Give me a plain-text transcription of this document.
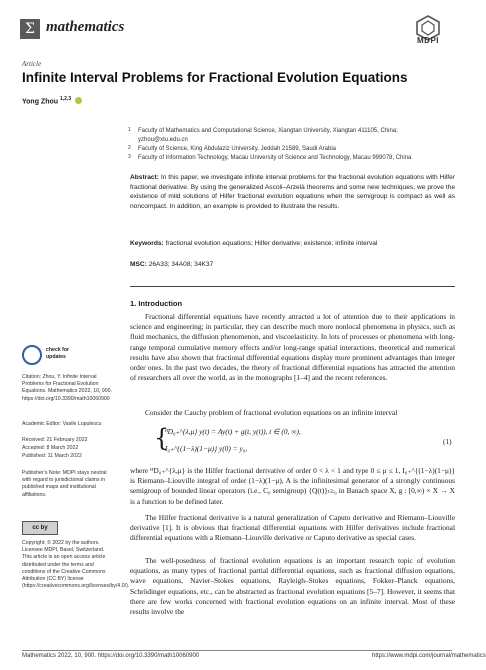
Σ mathematics
MDPI
Article
Infinite Interval Problems for Fractional Evolution Equations
Yong Zhou $^{1,2,3}$
1 Faculty of Mathematics and Computational Science, Xiangtan University, Xiangtan 411105, China;
yzhou@xtu.edu.cn
2 Faculty of Science, King Abdulaziz University, Jeddah 21589, Saudi Arabia
3 Faculty of Information Technology, Macau University of Science and Technology, Macau 999078, China
Abstract: In this paper, we investigate infinite interval problems for the fractional evolution equations with Hilfer fractional derivative. By using the generalized Ascoli–Arzelà theorems and some new techniques, we prove the existence of mild solutions of Hilfer fractional evolution equations when the semigroup is compact as well as noncompact. In addition, an example is provided to illustrate the results.
Keywords: fractional evolution equations; Hilfer derivative; existence; infinite interval
MSC: 26A33; 34A08; 34K37
1. Introduction
Fractional differential equations have recently attracted a lot of attention due to their applications in science and engineering; in particular, they can describe much more nonlocal phenomena in physics, such as fluid mechanics, the diffusion phenomenon, and viscoelasticity. In lots of processes or phenomena with long-range temporal cumulative memory effects and/or long-range spatial interactions, theoretical and numerical results have also shown that fractional differential equations display more prominent advantages than integer order ones. In the past two decades, the theory of fractional differential equations has attracted the attention of researchers all over the world, as in the monographs [1–4] and the recent references.
Consider the Cauchy problem of fractional evolution equations on an infinite interval
{
ᴴD₀₊^{λ,μ} y(t) = Ay(t) + g(t, y(t)), t ∈ (0, ∞),
I₀₊^{(1−λ)(1−μ)} y(0) = y₀,
(1)
where ᴴD₀₊^{λ,μ} is the Hilfer fractional derivative of order 0 < λ < 1 and type 0 ≤ μ ≤ 1, I₀₊^{(1−λ)(1−μ)} is Riemann–Liouville integral of order (1−λ)(1−μ), A is the infinitesimal generator of a strongly continuous semigroup of bounded linear operators (i.e., C₀ semigroup) {Q(t)}ₜ≥₀ in Banach space X, g : [0,∞) × X → X is a function to be defined later.
The Hilfer fractional derivative is a natural generalization of Caputo derivative and Riemann–Liouville derivative [1]. It is obvious that fractional differential equations with Hilfer derivatives include fractional differential equations with a Riemann–Liouville derivative or Caputo derivative as special cases.
The well-posedness of fractional evolution equations is an important research topic of evolution equations, as many types of fractional partial differential equations, such as fractional diffusion equations, wave equations, Navier–Stokes equations, Rayleigh–Stokes equations, Fokker–Planck equations, Schrödinger equations, etc., can be abstracted as fractional evolution equations [5–7]. However, it seems that there are few works concerned with fractional evolution equations on an infinite interval. Most of these results involve the
check for
updates
Citation: Zhou, Y. Infinite Interval Problems for Fractional Evolution Equations. Mathematics 2022, 10, 900. https://doi.org/10.3390/math10060900
Academic Editor: Vasile Lupulescu
Received: 21 February 2022
Accepted: 8 March 2022
Published: 11 March 2022
Publisher’s Note: MDPI stays neutral with regard to jurisdictional claims in published maps and institutional affiliations.
cc by
Copyright: © 2022 by the authors. Licensee MDPI, Basel, Switzerland. This article is an open access article distributed under the terms and conditions of the Creative Commons Attribution (CC BY) license (https://creativecommons.org/licenses/by/4.0/).
Mathematics 2022, 10, 900. https://doi.org/10.3390/math10060900	https://www.mdpi.com/journal/mathematics
